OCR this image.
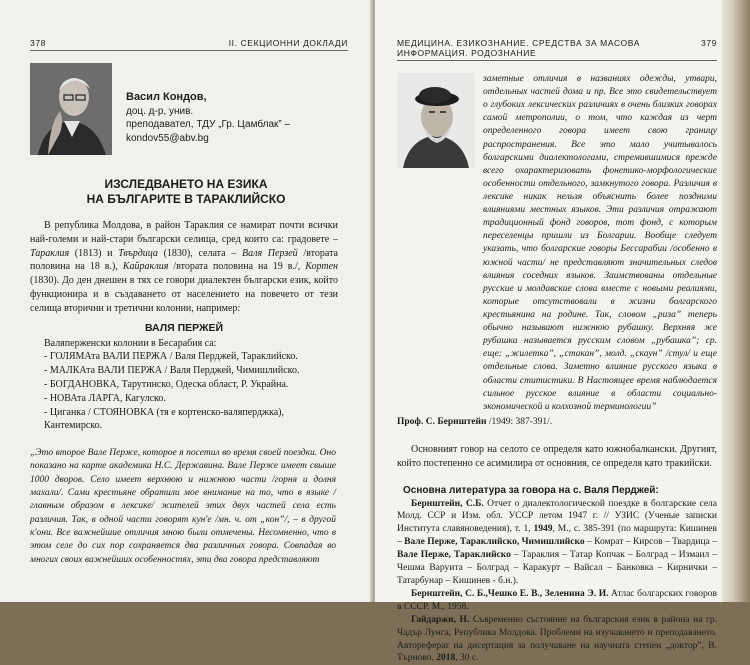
378	II. СЕКЦИОННИ ДОКЛАДИ
Васил Кондов,
доц. д-р, унив.
преподавател, ТДУ „Гр. Цамблак” –
kondov55@abv.bg
ИЗСЛЕДВАНЕТО НА ЕЗИКА
НА БЪЛГАРИТЕ В ТАРАКЛИЙСКО

В република Молдова, в район Тараклия се намират почти всички най-големи и най-стари български селища, сред които са: градовете – Тараклия (1813) и Твърдица (1830), селата – Валя Перзей /втората половина на 18 в.), Кайраклия /втората половина на 19 в./, Кортен (1830). До ден днешен в тях се говори диалектен български език, който функционира и в създаването от населението на повечето от тези селища вторични и третични колонии, например:

ВАЛЯ ПЕРЖЕЙ
Валяперженски колонии в Бесарабия са:
- ГОЛЯМАта ВАЛИ ПЕРЖА / Валя Перджей, Тараклийско.
- МАЛКАта ВАЛИ ПЕРЖА / Валя Перджей, Чимишлийско.
- БОГДАНОВКА, Тарутинско, Одеска област, Р. Украйна.
- НОВАта ЛАРГА, Кагулско.
- Циганка / СТОЯНОВКА (тя е кортенско-валяперджка), Кантемирско.

„Это второе Вале Перже, которое я посетил во время своей поездки. Оно показано на карте академика Н.С. Державина. Вале Перже имеет свыше 1000 дворов. Село имеет верхнюю и нижнюю части /горня и долня махали/. Сами крестьяне обратили мое внимание на то, что в языке /главным образом в лексике/ жителей этих двух частей села есть различия. Так, в одной части говорят кун'е /мн. ч. от „кон”/, – в другой к'они. Все важнейшие отличия мною были отмечены. Несомненно, что в этом селе до сих пор сохраняется два различных говора. Совпадая во многих своих важнейших особенностях, эти два говора представляют

МЕДИЦИНА. ЕЗИКОЗНАНИЕ. СРЕДСТВА ЗА МАСОВА ИНФОРМАЦИЯ. РОДОЗНАНИЕ
379
заметные отличия в названиях одежды, утвари, отдельных частей дома и пр. Все это свидетельствует о глубоких лексических различиях в очень близких говорах самой метрополии, о том, что каждая из черт определенного говора имеет свою границу распространения. Все это мало учитывалось болгарскими диалектологами, стремившимися прежде всего охарактеризовать фонетико-морфологические особенности отдельного, замкнутого говора. Различия в лексике никак нельзя объяснить более поздними влияниями местных языков. Эти различия отражают традиционный фонд говоров, тот фонд, с которым переселенцы пришли из Болгарии. Вообще следует указать, что болгарские говоры Бессарабии /особенно в южной части/ не представляют значительных следов влияния соседних языков. Заимствованы отдельные русские и молдавские слова вместе с новыми реалиями, которые отсутствовали в жизни болгарского крестьянина на родине. Так, словом „риза” теперь обычно называют нижнюю рубашку. Верхняя же рубашка называется русским словом „рубашка”; ср. еще: „жилетка”, „стакан”, молд. „скаун” /стул/ и еще отдельные слова. Заметно влияние русского языка в области ститистики. В Настоящее время наблюдается сильное русское влияние в области социально-экономической и колхозной терминологии”
Проф. С. Бернштейн /1949: 387-391/.

Основният говор на селото се определя като южнобалкански. Другият, който постепенно се асимилира от основния, се определя като тракийски.

Основна литература за говора на с. Валя Перджей:

Бернштейн, С.Б. Отчет о диалектологической поездке в болгарские села Молд. ССР и Изм. обл. УССР летом 1947 г. // УЗИС (Ученые записки Института славяноведения), т. 1, 1949, М., с. 385-391 (по маршрута: Кишинев – Вале Перже, Тараклийско, Чимишлийско – Комрат – Кирсов – Твардица – Вале Перже, Тараклийско – Тараклия – Татар Копчак – Болград – Измаил – Чешма Варуита – Болград – Каракурт – Вайсал – Банковка – Кирнички – Татарбунар – Кишинев - б.н.).

Бернштейн, С. Б.,Чешко Е. В., Зеленина Э. И. Атлас болгарских говоров в СССР. М., 1958.

Гайдаржи, Н. Съвременно състояние на българския език в района на гр. Чадър Лунга, Република Молдова. Проблеми на изучаването и преподаването. Автореферат на дисертация за получаване на научната степен „доктор”, В. Търново. 2018, 30 с.
